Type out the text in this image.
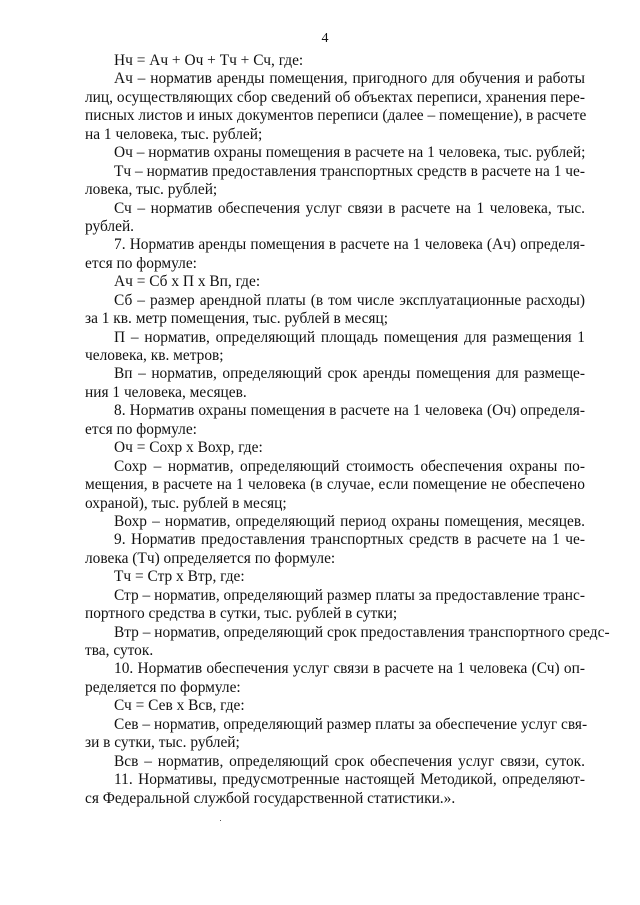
4
Нч = Ач + Оч + Тч + Сч, где:
Ач – норматив аренды помещения, пригодного для обучения и работы
лиц, осуществляющих сбор сведений об объектах переписи, хранения пере-
писных листов и иных документов переписи (далее – помещение), в расчете
на 1 человека, тыс. рублей;
Оч – норматив охраны помещения в расчете на 1 человека, тыс. рублей;
Тч – норматив предоставления транспортных средств в расчете на 1 че-
ловека, тыс. рублей;
Сч – норматив обеспечения услуг связи в расчете на 1 человека, тыс.
рублей.
7. Норматив аренды помещения в расчете на 1 человека (Ач) определя-
ется по формуле:
Ач = Сб х П х Вп, где:
Сб – размер арендной платы (в том числе эксплуатационные расходы)
за 1 кв. метр помещения, тыс. рублей в месяц;
П – норматив, определяющий площадь помещения для размещения 1
человека, кв. метров;
Вп – норматив, определяющий срок аренды помещения для размеще-
ния 1 человека, месяцев.
8. Норматив охраны помещения в расчете на 1 человека (Оч) определя-
ется по формуле:
Оч = Сохр х Вохр, где:
Сохр – норматив, определяющий стоимость обеспечения охраны по-
мещения, в расчете на 1 человека (в случае, если помещение не обеспечено
охраной), тыс. рублей в месяц;
Вохр – норматив, определяющий период охраны помещения, месяцев.
9. Норматив предоставления транспортных средств в расчете на 1 че-
ловека (Тч) определяется по формуле:
Тч = Стр х Втр, где:
Стр – норматив, определяющий размер платы за предоставление транс-
портного средства в сутки, тыс. рублей в сутки;
Втр – норматив, определяющий срок предоставления транспортного средс-
тва, суток.
10. Норматив обеспечения услуг связи в расчете на 1 человека (Сч) оп-
ределяется по формуле:
Сч = Сев х Всв, где:
Сев – норматив, определяющий размер платы за обеспечение услуг свя-
зи в сутки, тыс. рублей;
Всв – норматив, определяющий срок обеспечения услуг связи, суток.
11. Нормативы, предусмотренные настоящей Методикой, определяют-
ся Федеральной службой государственной статистики.».
